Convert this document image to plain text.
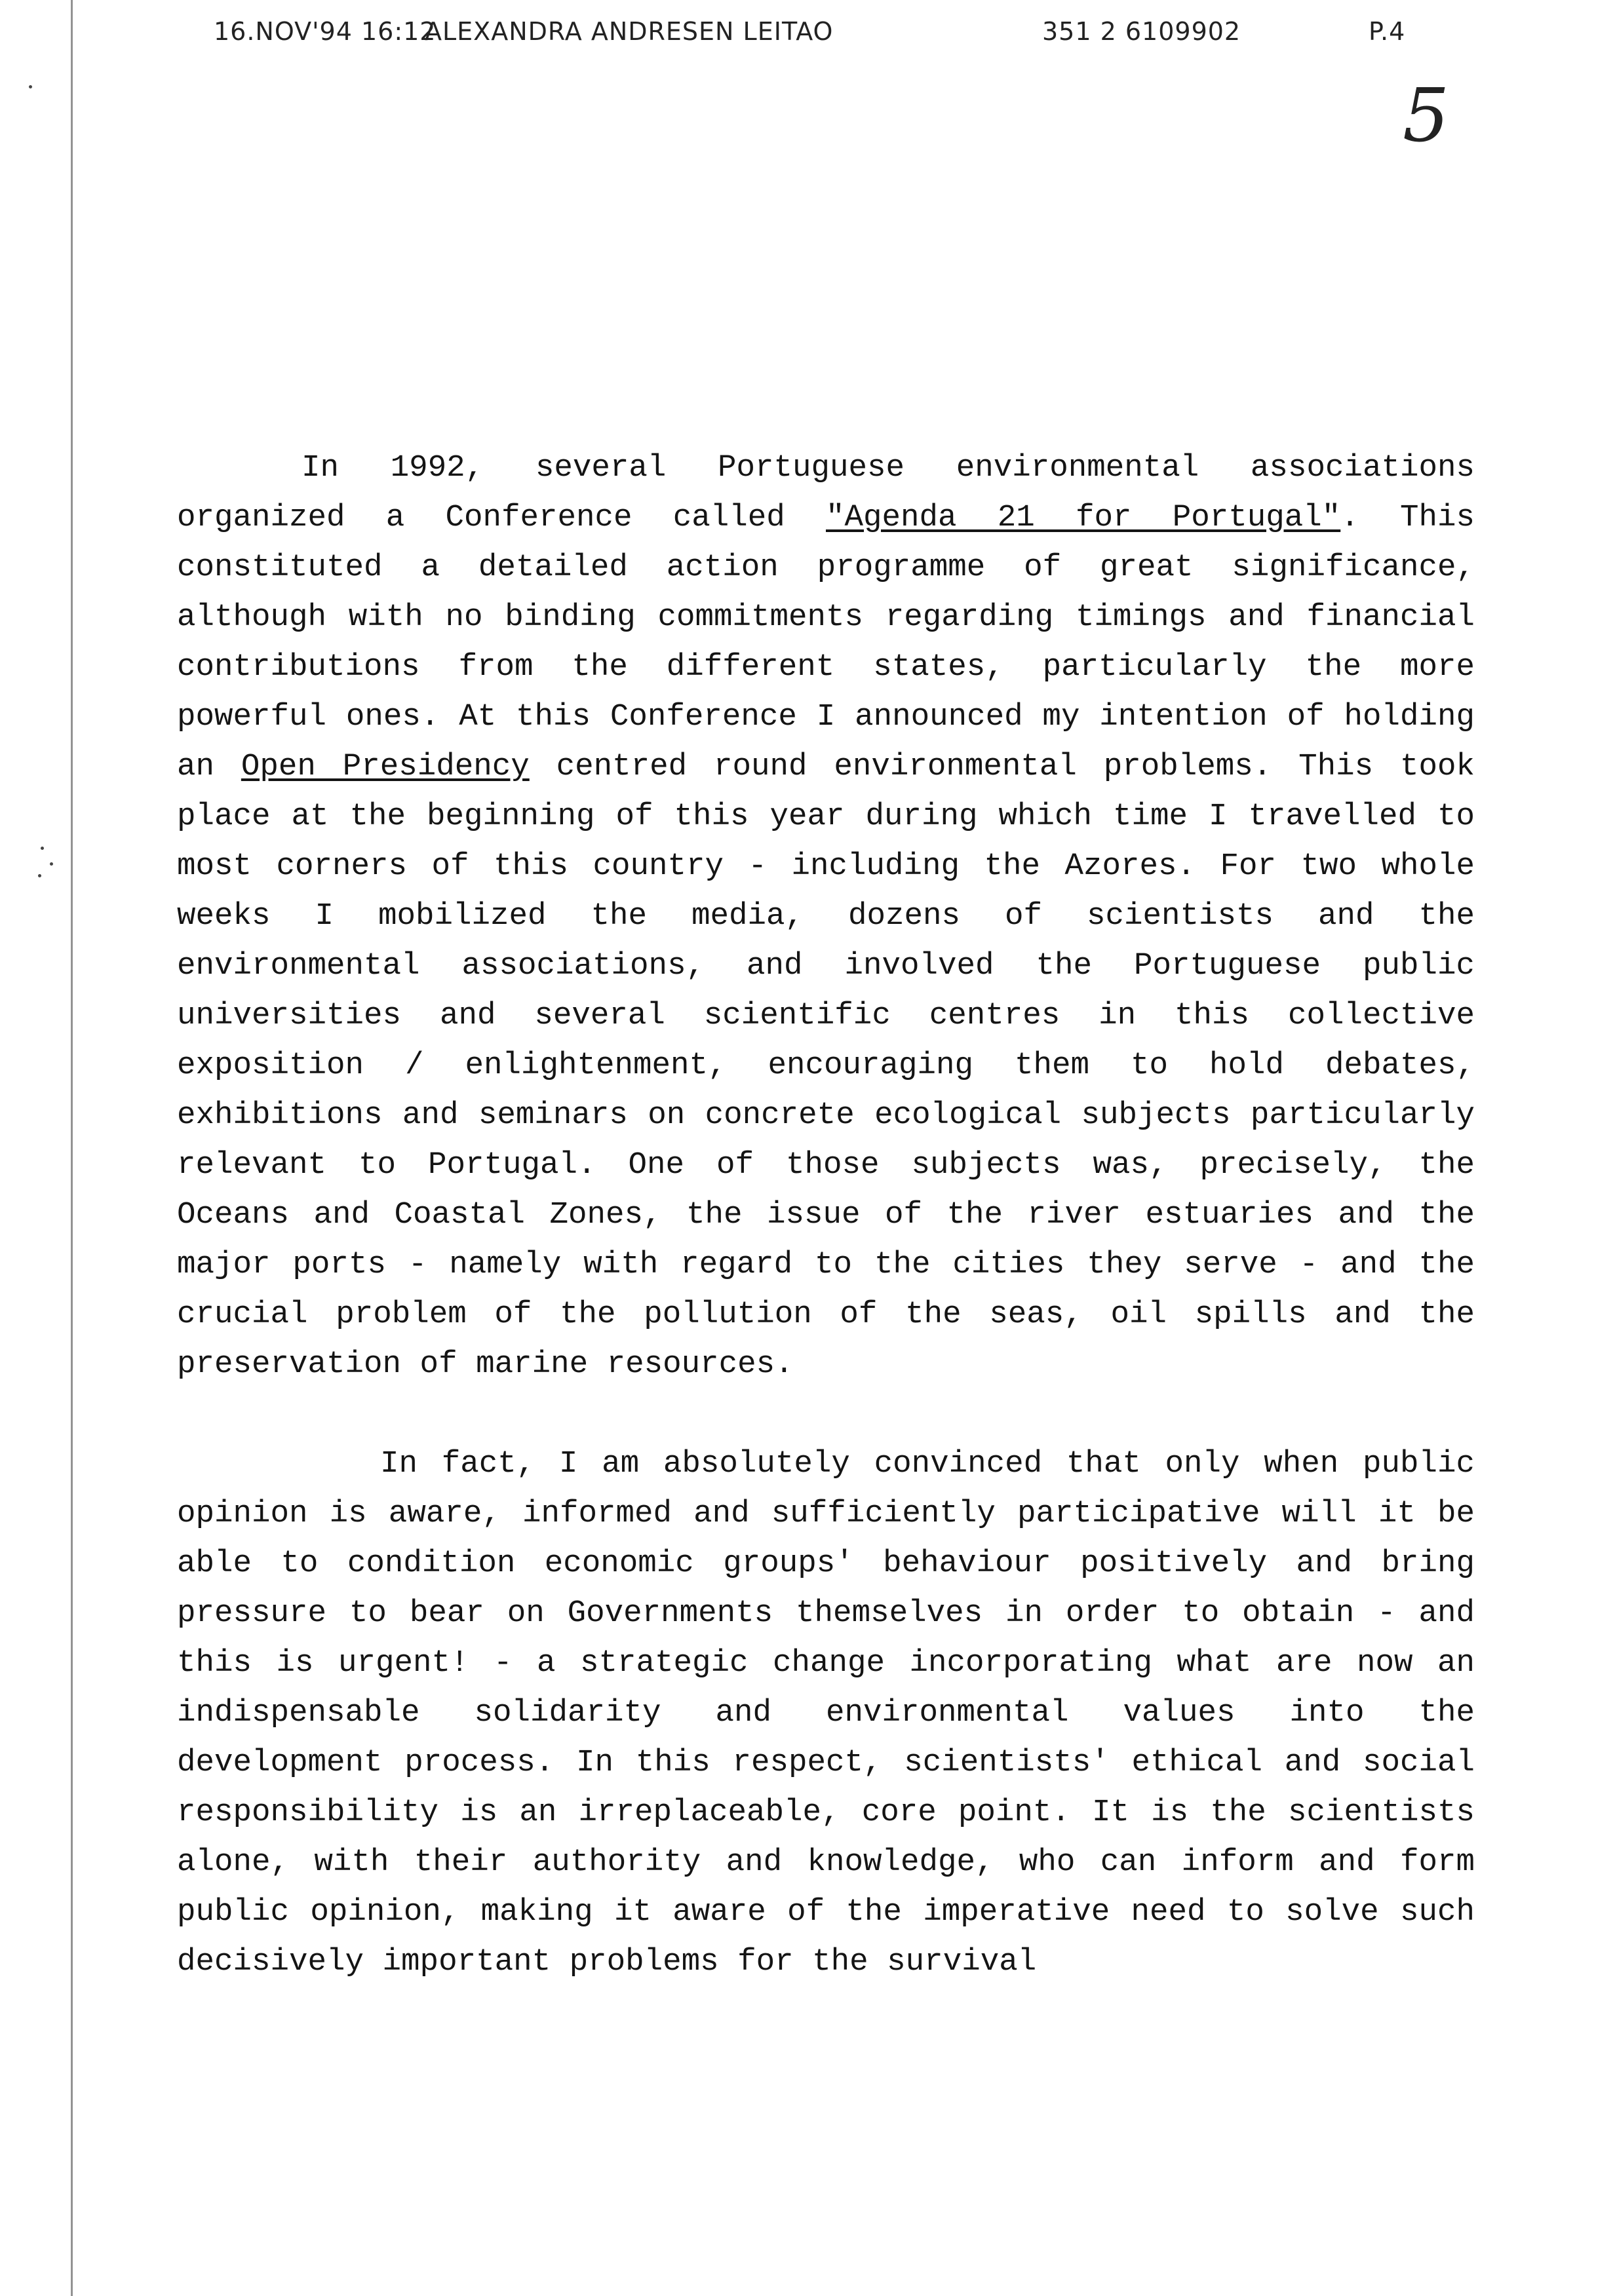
16.NOV'94 16:12
ALEXANDRA ANDRESEN LEITAO	351 2 6109902	P.4
5

In 1992, several Portuguese environmental associations organized a Conference called "Agenda 21 for Portugal". This constituted a detailed action programme of great significance, although with no binding commitments regarding timings and financial contributions from the different states, particularly the more powerful ones. At this Conference I announced my intention of holding an Open Presidency centred round environmental problems. This took place at the beginning of this year during which time I travelled to most corners of this country - including the Azores. For two whole weeks I mobilized the media, dozens of scientists and the environmental associations, and involved the Portuguese public universities and several scientific centres in this collective exposition / enlightenment, encouraging them to hold debates, exhibitions and seminars on concrete ecological subjects particularly relevant to Portugal. One of those subjects was, precisely, the Oceans and Coastal Zones, the issue of the river estuaries and the major ports - namely with regard to the cities they serve - and the crucial problem of the pollution of the seas, oil spills and the preservation of marine resources.

In fact, I am absolutely convinced that only when public opinion is aware, informed and sufficiently participative will it be able to condition economic groups' behaviour positively and bring pressure to bear on Governments themselves in order to obtain - and this is urgent! - a strategic change incorporating what are now an indispensable solidarity and environmental values into the development process. In this respect, scientists' ethical and social responsibility is an irreplaceable, core point. It is the scientists alone, with their authority and knowledge, who can inform and form public opinion, making it aware of the imperative need to solve such decisively important problems for the survival
